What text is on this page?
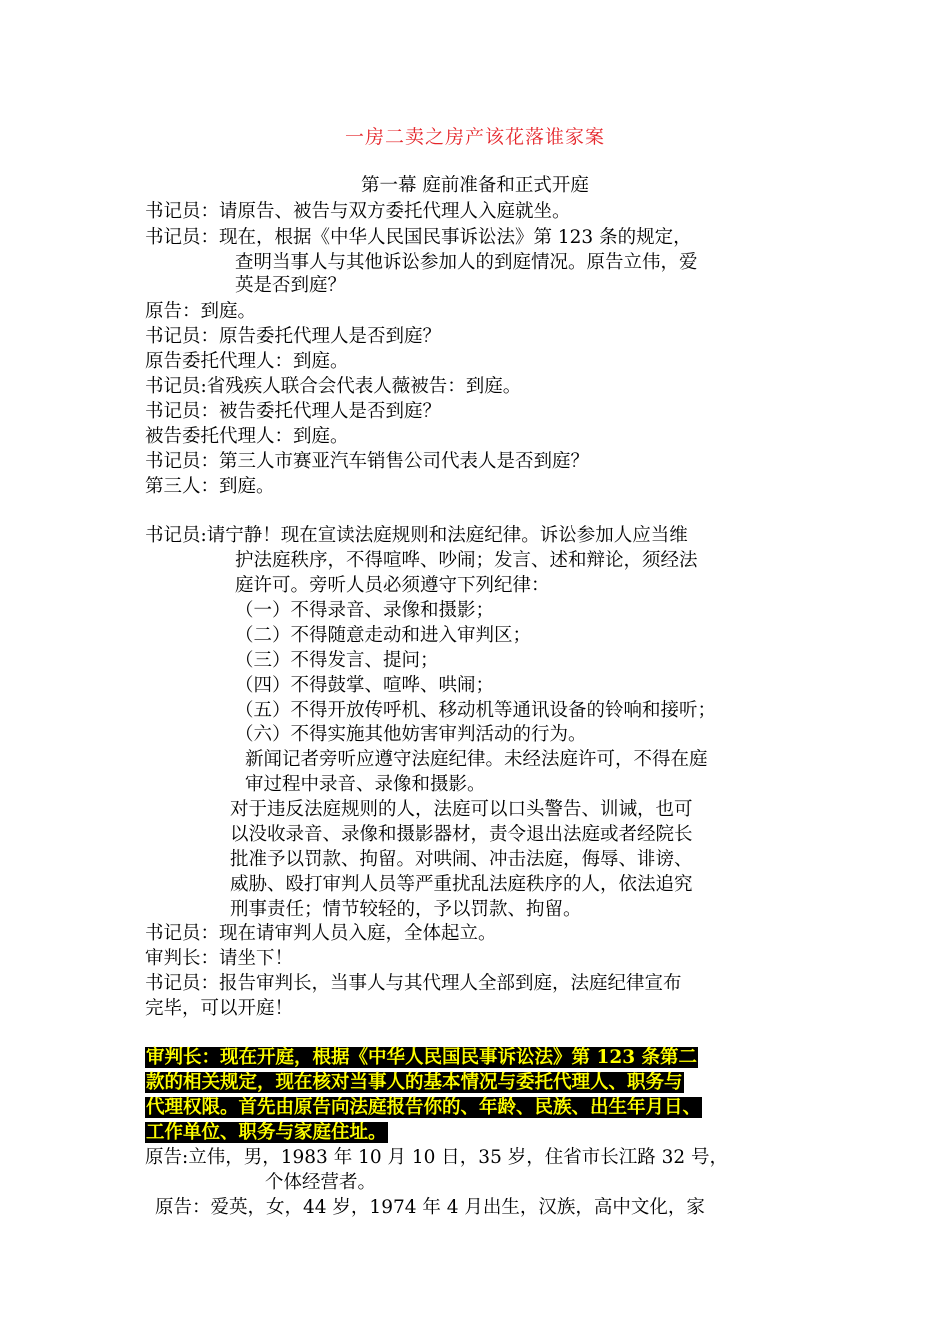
一房二卖之房产该花落谁家案
第一幕 庭前准备和正式开庭
书记员：请原告、被告与双方委托代理人入庭就坐。
书记员：现在，根据《中华人民国民事诉讼法》第 123 条的规定，
查明当事人与其他诉讼参加人的到庭情况。原告立伟，爱
英是否到庭？
原告：到庭。
书记员：原告委托代理人是否到庭？
原告委托代理人：到庭。
书记员:省残疾人联合会代表人薇被告：到庭。
书记员：被告委托代理人是否到庭？
被告委托代理人：到庭。
书记员：第三人市赛亚汽车销售公司代表人是否到庭？
第三人：到庭。
书记员:请宁静！现在宣读法庭规则和法庭纪律。诉讼参加人应当维
护法庭秩序，不得喧哗、吵闹；发言、述和辩论，须经法
庭许可。旁听人员必须遵守下列纪律：
（一）不得录音、录像和摄影；
（二）不得随意走动和进入审判区；
（三）不得发言、提问；
（四）不得鼓掌、喧哗、哄闹；
（五）不得开放传呼机、移动机等通讯设备的铃响和接听；
（六）不得实施其他妨害审判活动的行为。
新闻记者旁听应遵守法庭纪律。未经法庭许可，不得在庭
审过程中录音、录像和摄影。
对于违反法庭规则的人，法庭可以口头警告、训诫，也可
以没收录音、录像和摄影器材，责令退出法庭或者经院长
批准予以罚款、拘留。对哄闹、冲击法庭，侮辱、诽谤、
威胁、殴打审判人员等严重扰乱法庭秩序的人，依法追究
刑事责任；情节较轻的，予以罚款、拘留。
书记员：现在请审判人员入庭，全体起立。
审判长：请坐下！
书记员：报告审判长，当事人与其代理人全部到庭，法庭纪律宣布
完毕，可以开庭！
审判长：现在开庭，根据《中华人民国民事诉讼法》第 123 条第二
款的相关规定，现在核对当事人的基本情况与委托代理人、职务与
代理权限。首先由原告向法庭报告你的、年龄、民族、出生年月日、
工作单位、职务与家庭住址。
原告:立伟，男，1983 年 10 月 10 日，35 岁，住省市长江路 32 号，
个体经营者。
原告：爱英，女，44 岁，1974 年 4 月出生，汉族，高中文化，家
